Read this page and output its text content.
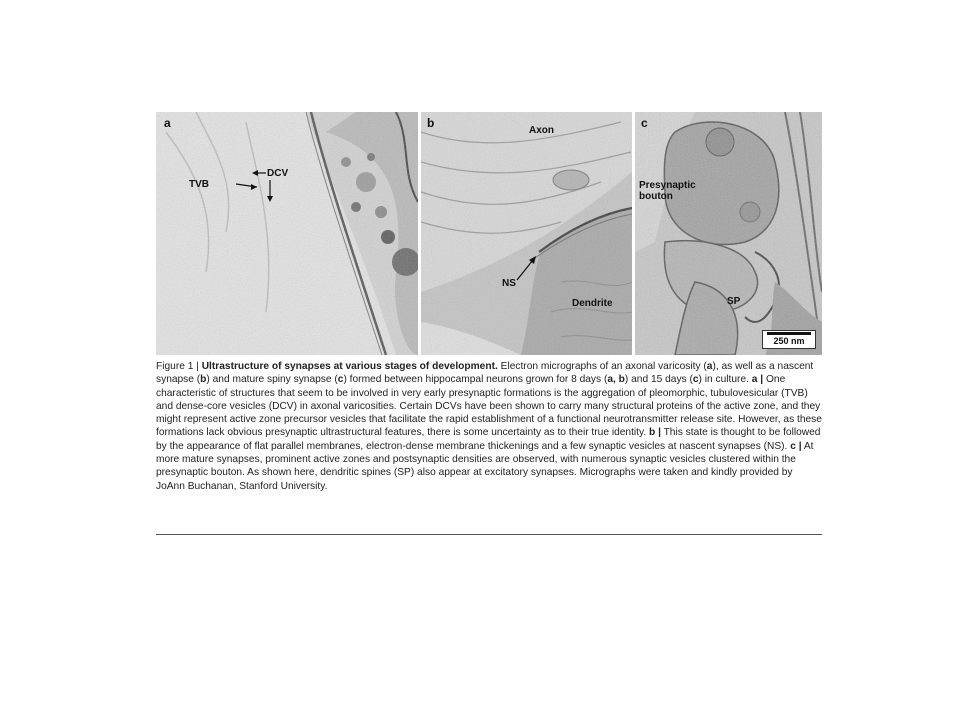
a
TVB
DCV
b
Axon
NS
Dendrite
c
Presynaptic
bouton
SP
250 nm

Figure 1 | Ultrastructure of synapses at various stages of development. Electron micrographs of an axonal varicosity (a), as well as a nascent synapse (b) and mature spiny synapse (c) formed between hippocampal neurons grown for 8 days (a, b) and 15 days (c) in culture. a | One characteristic of structures that seem to be involved in very early presynaptic formations is the aggregation of pleomorphic, tubulovesicular (TVB) and dense-core vesicles (DCV) in axonal varicosities. Certain DCVs have been shown to carry many structural proteins of the active zone, and they might represent active zone precursor vesicles that facilitate the rapid establishment of a functional neurotransmitter release site. However, as these formations lack obvious presynaptic ultrastructural features, there is some uncertainty as to their true identity. b | This state is thought to be followed by the appearance of flat parallel membranes, electron-dense membrane thickenings and a few synaptic vesicles at nascent synapses (NS). c | At more mature synapses, prominent active zones and postsynaptic densities are observed, with numerous synaptic vesicles clustered within the presynaptic bouton. As shown here, dendritic spines (SP) also appear at excitatory synapses. Micrographs were taken and kindly provided by JoAnn Buchanan, Stanford University.
